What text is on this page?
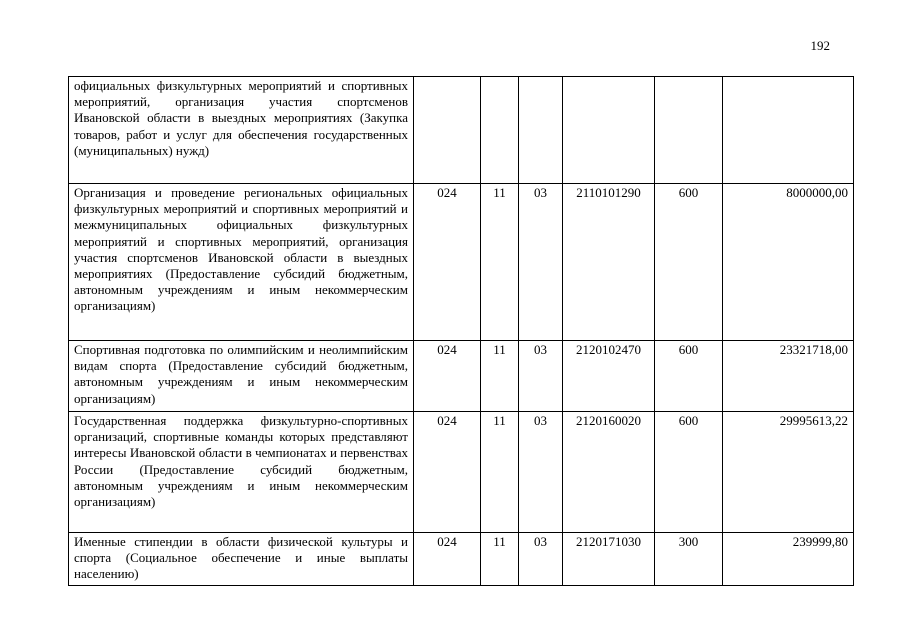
192
официальных физкультурных мероприятий и спортивных мероприятий, организация участия спортсменов Ивановской области в выездных мероприятиях (Закупка товаров, работ и услуг для обеспечения государственных (муниципальных) нужд)						
Организация и проведение региональных официальных физкультурных мероприятий и спортивных мероприятий и межмуниципальных официальных физкультурных мероприятий и спортивных мероприятий, организация участия спортсменов Ивановской области в выездных мероприятиях (Предоставление субсидий бюджетным, автономным учреждениям и иным некоммерческим организациям)	024	11	03	2110101290	600	8000000,00
Спортивная подготовка по олимпийским и неолимпийским видам спорта (Предоставление субсидий бюджетным, автономным учреждениям и иным некоммерческим организациям)	024	11	03	2120102470	600	23321718,00
Государственная поддержка физкультурно-спортивных организаций, спортивные команды которых представляют интересы Ивановской области в чемпионатах и первенствах России (Предоставление субсидий бюджетным, автономным учреждениям и иным некоммерческим организациям)	024	11	03	2120160020	600	29995613,22
Именные стипендии в области физической культуры и спорта (Социальное обеспечение и иные выплаты населению)	024	11	03	2120171030	300	239999,80
